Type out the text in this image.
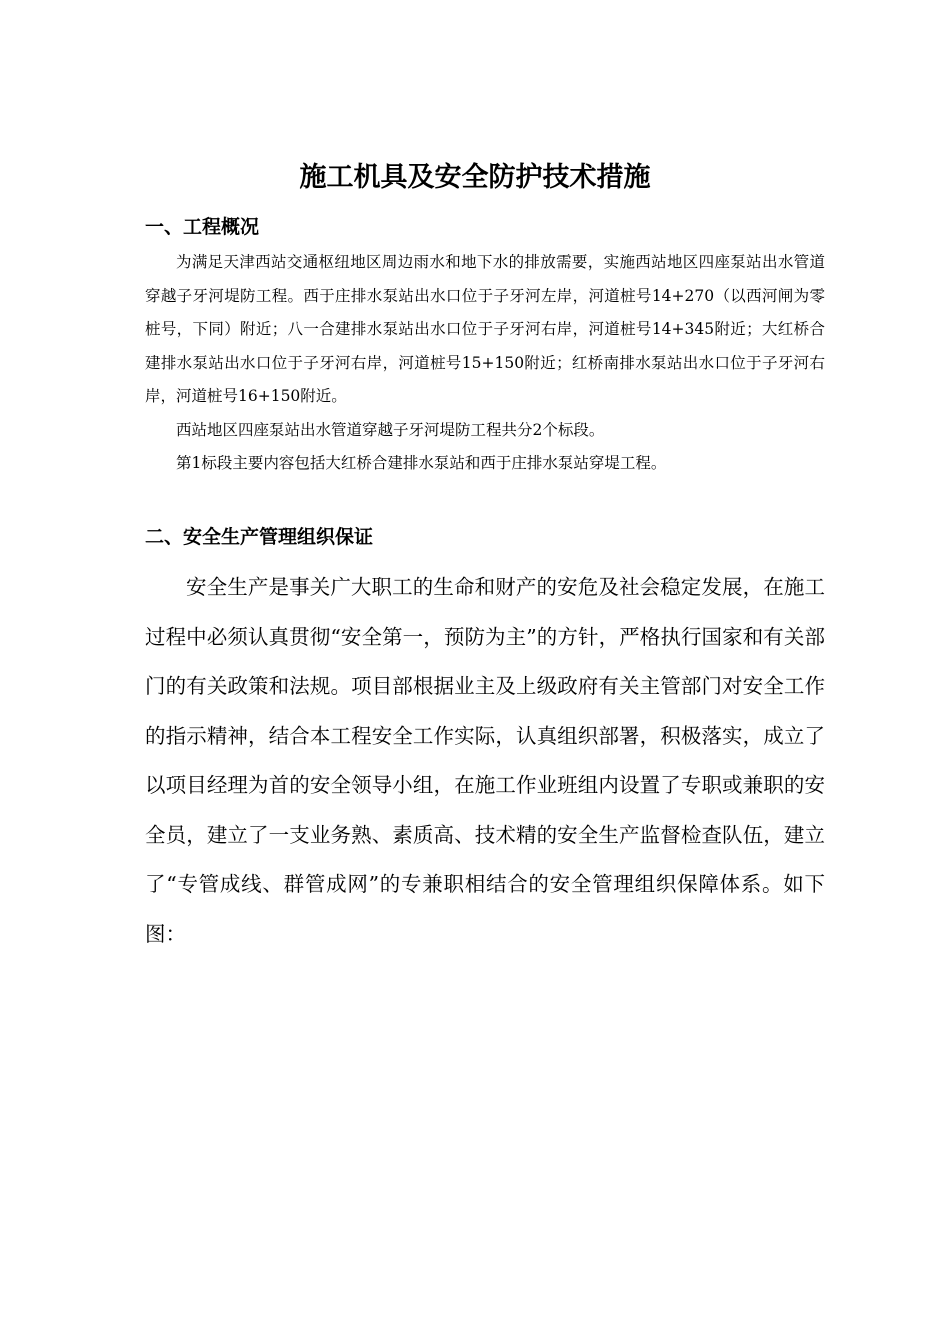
施工机具及安全防护技术措施
一、工程概况

为满足天津西站交通枢纽地区周边雨水和地下水的排放需要，实施西站地区四座泵站出水管道穿越子牙河堤防工程。西于庄排水泵站出水口位于子牙河左岸，河道桩号14+270（以西河闸为零桩号，下同）附近；八一合建排水泵站出水口位于子牙河右岸，河道桩号14+345附近；大红桥合建排水泵站出水口位于子牙河右岸，河道桩号15+150附近；红桥南排水泵站出水口位于子牙河右岸，河道桩号16+150附近。

西站地区四座泵站出水管道穿越子牙河堤防工程共分2个标段。

第1标段主要内容包括大红桥合建排水泵站和西于庄排水泵站穿堤工程。

二、安全生产管理组织保证

安全生产是事关广大职工的生命和财产的安危及社会稳定发展，在施工过程中必须认真贯彻“安全第一，预防为主”的方针，严格执行国家和有关部门的有关政策和法规。项目部根据业主及上级政府有关主管部门对安全工作的指示精神，结合本工程安全工作实际，认真组织部署，积极落实，成立了以项目经理为首的安全领导小组，在施工作业班组内设置了专职或兼职的安全员，建立了一支业务熟、素质高、技术精的安全生产监督检查队伍，建立了“专管成线、群管成网”的专兼职相结合的安全管理组织保障体系。如下图：
